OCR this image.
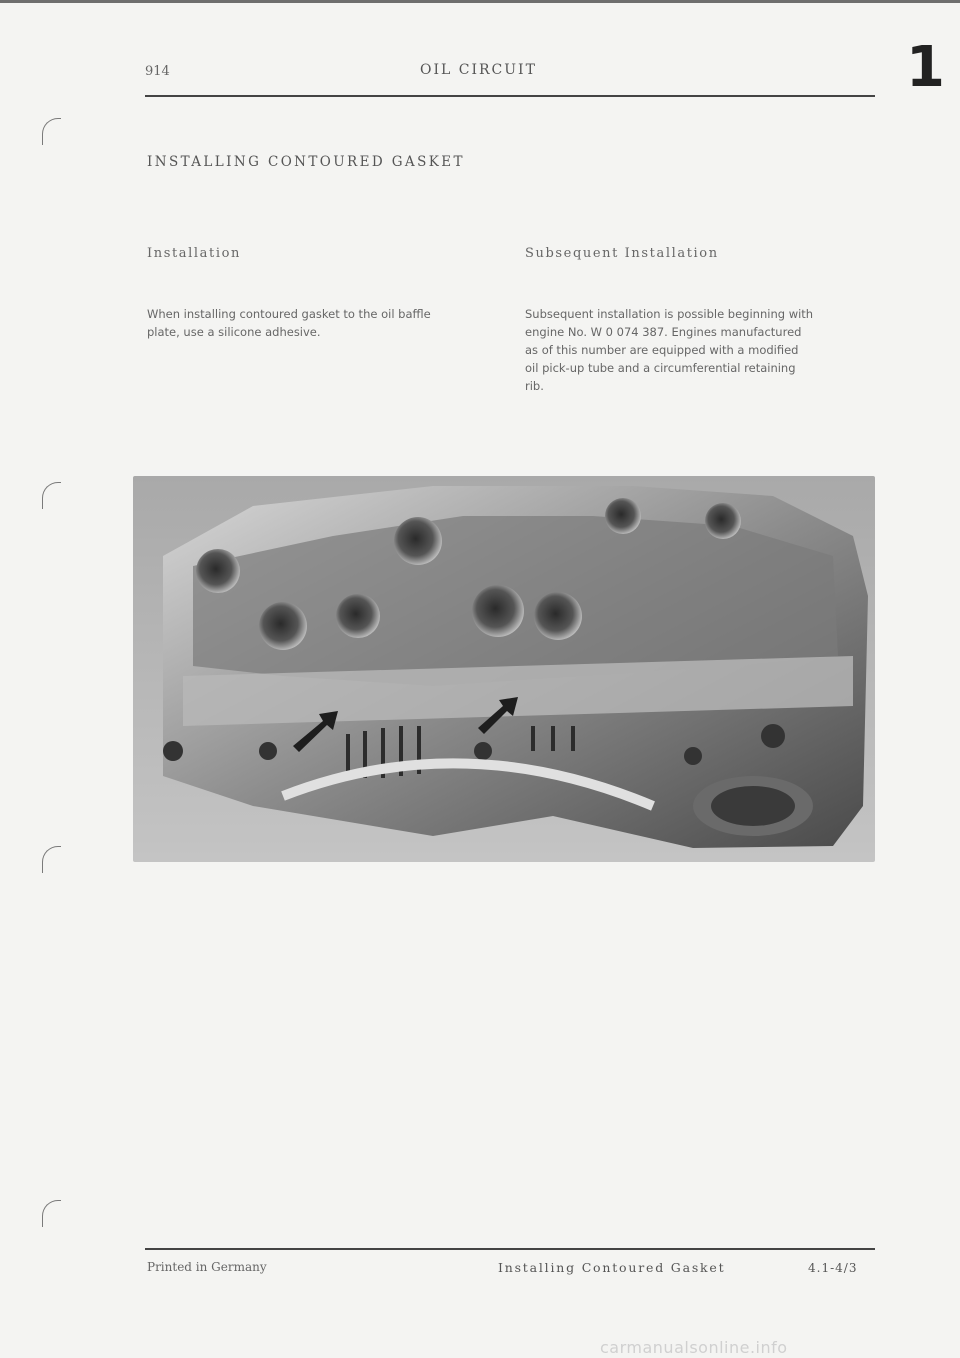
914	OIL CIRCUIT	1
INSTALLING CONTOURED GASKET
Installation	Subsequent Installation
When installing contoured gasket to the oil baffle
plate, use a silicone adhesive.
Subsequent installation is possible beginning with
engine No. W 0 074 387. Engines manufactured
as of this number are equipped with a modified
oil pick-up tube and a circumferential retaining
rib.
Printed in Germany	Installing Contoured Gasket	4.1-4/3
carmanualsonline.info
